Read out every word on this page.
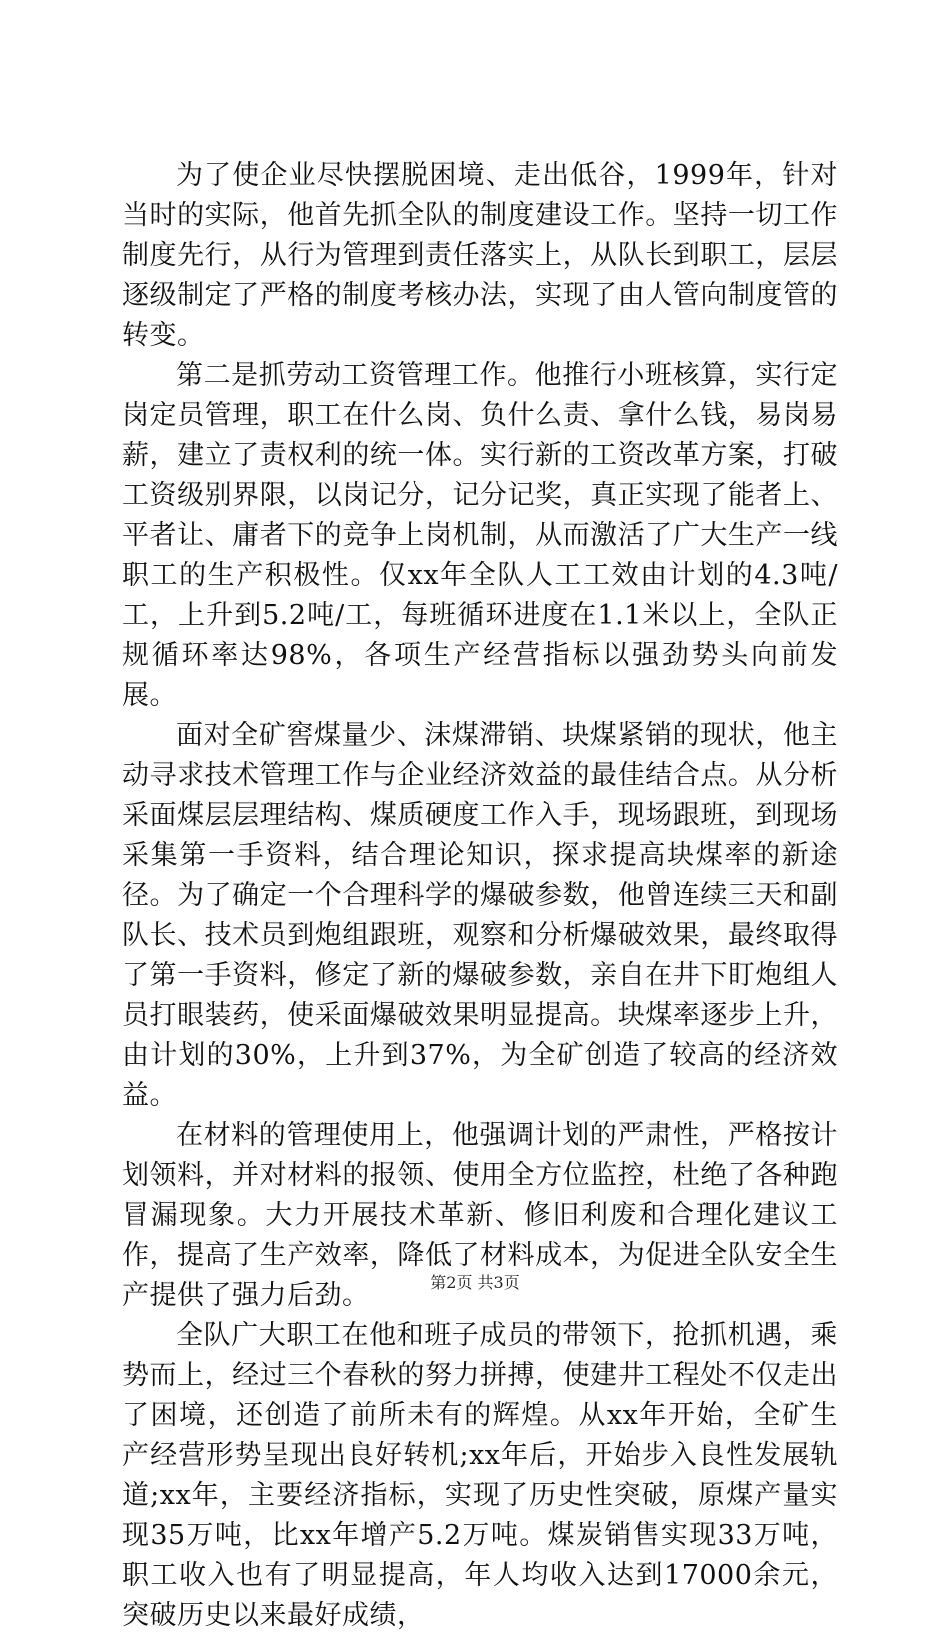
为了使企业尽快摆脱困境、走出低谷，1999年，针对当时的实际，他首先抓全队的制度建设工作。坚持一切工作制度先行，从行为管理到责任落实上，从队长到职工，层层逐级制定了严格的制度考核办法，实现了由人管向制度管的转变。

第二是抓劳动工资管理工作。他推行小班核算，实行定岗定员管理，职工在什么岗、负什么责、拿什么钱，易岗易薪，建立了责权利的统一体。实行新的工资改革方案，打破工资级别界限，以岗记分，记分记奖，真正实现了能者上、平者让、庸者下的竞争上岗机制，从而激活了广大生产一线职工的生产积极性。仅xx年全队人工工效由计划的4.3吨/工，上升到5.2吨/工，每班循环进度在1.1米以上，全队正规循环率达98%，各项生产经营指标以强劲势头向前发展。

面对全矿窖煤量少、沫煤滞销、块煤紧销的现状，他主动寻求技术管理工作与企业经济效益的最佳结合点。从分析采面煤层层理结构、煤质硬度工作入手，现场跟班，到现场采集第一手资料，结合理论知识，探求提高块煤率的新途径。为了确定一个合理科学的爆破参数，他曾连续三天和副队长、技术员到炮组跟班，观察和分析爆破效果，最终取得了第一手资料，修定了新的爆破参数，亲自在井下盯炮组人员打眼装药，使采面爆破效果明显提高。块煤率逐步上升，由计划的30%，上升到37%，为全矿创造了较高的经济效益。

在材料的管理使用上，他强调计划的严肃性，严格按计划领料，并对材料的报领、使用全方位监控，杜绝了各种跑冒漏现象。大力开展技术革新、修旧利废和合理化建议工作，提高了生产效率，降低了材料成本，为促进全队安全生产提供了强力后劲。

全队广大职工在他和班子成员的带领下，抢抓机遇，乘势而上，经过三个春秋的努力拼搏，使建井工程处不仅走出了困境，还创造了前所未有的辉煌。从xx年开始，全矿生产经营形势呈现出良好转机;xx年后，开始步入良性发展轨道;xx年，主要经济指标，实现了历史性突破，原煤产量实现35万吨，比xx年增产5.2万吨。煤炭销售实现33万吨，职工收入也有了明显提高，年人均收入达到17000余元，突破历史以来最好成绩，

第2页 共3页
